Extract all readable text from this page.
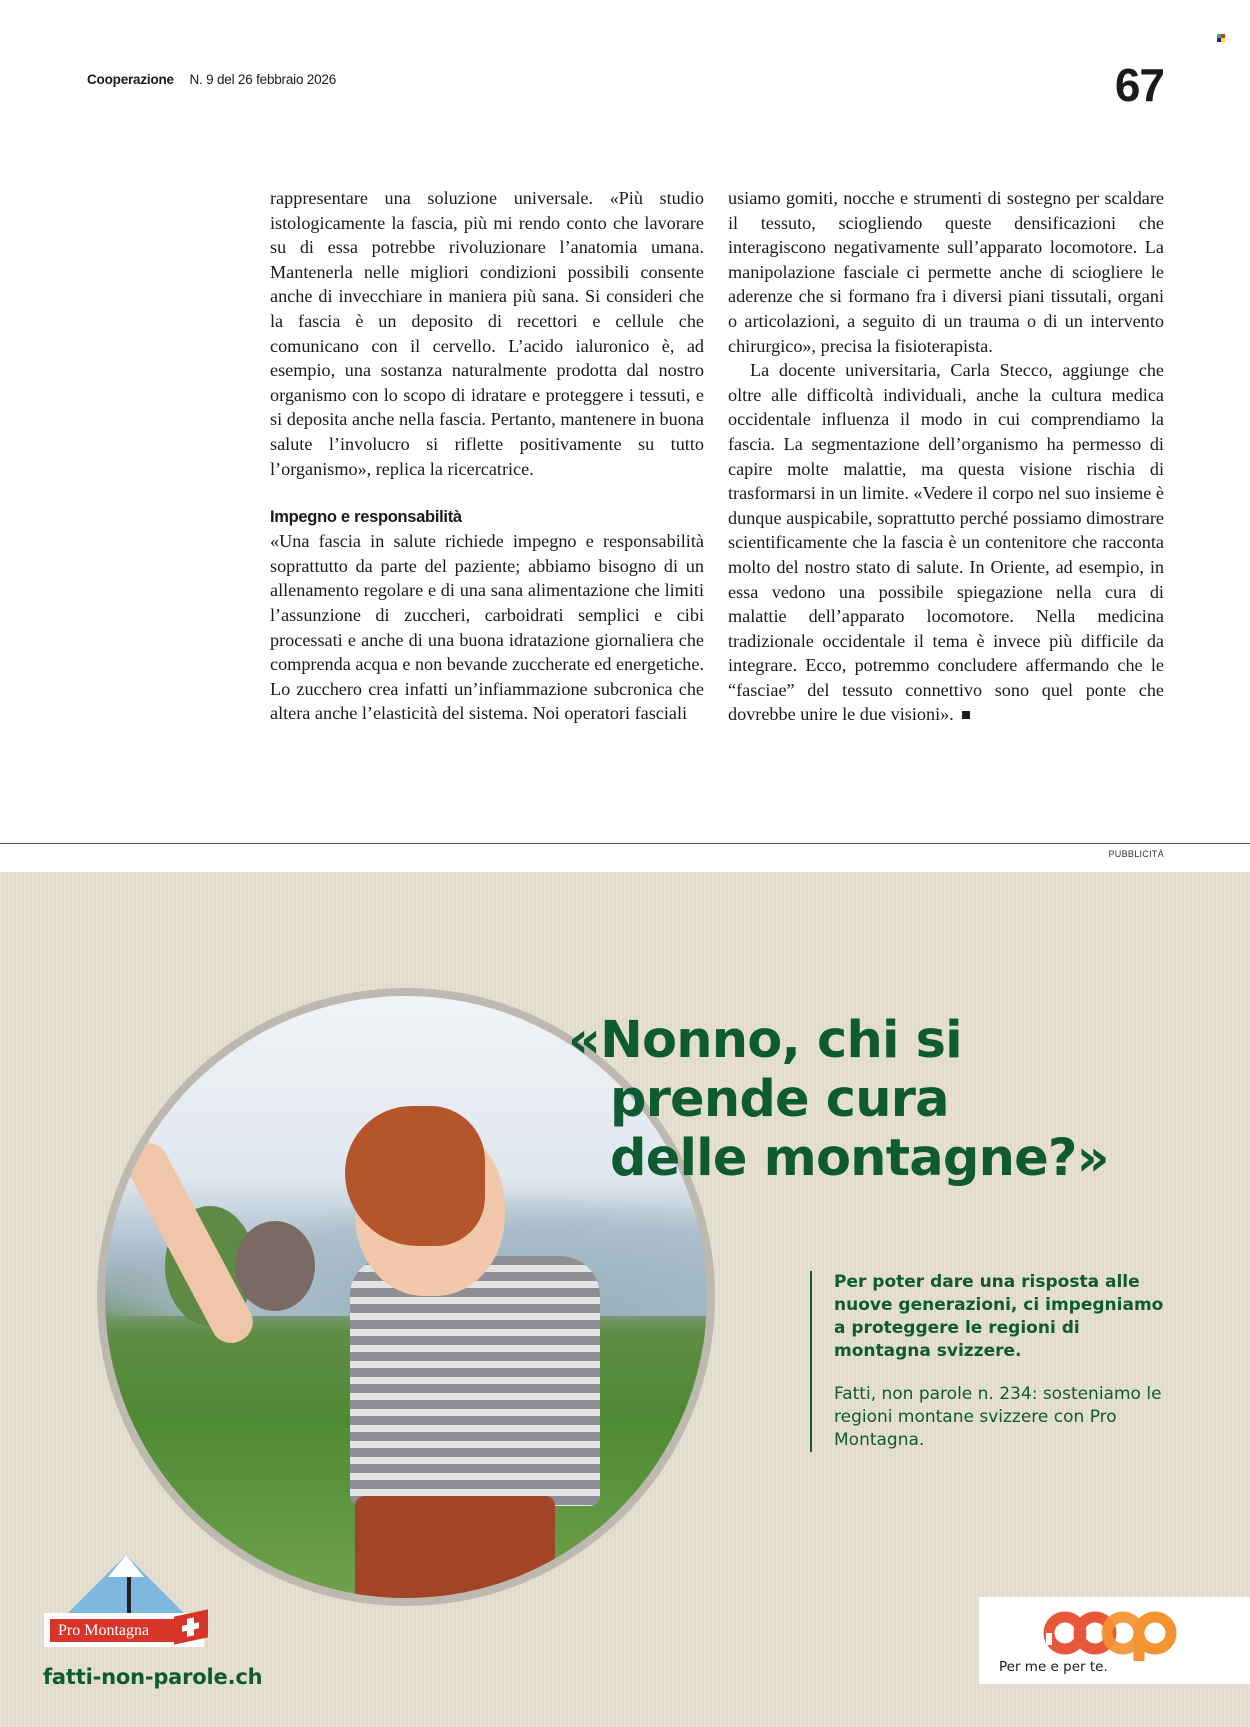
Cooperazione N. 9 del 26 febbraio 2026	67

rappresentare una soluzione universale. «Più studio istologicamente la fascia, più mi rendo conto che lavorare su di essa potrebbe rivoluzionare l’anatomia umana. Mantenerla nelle migliori condizioni possibili consente anche di invecchiare in maniera più sana. Si consideri che la fascia è un deposito di recettori e cellule che comunicano con il cervello. L’acido ialuronico è, ad esempio, una sostanza naturalmente prodotta dal nostro organismo con lo scopo di idratare e proteggere i tessuti, e si deposita anche nella fascia. Pertanto, mantenere in buona salute l’involucro si riflette positivamente su tutto l’organismo», replica la ricercatrice.

Impegno e responsabilità

«Una fascia in salute richiede impegno e responsabilità soprattutto da parte del paziente; abbiamo bisogno di un allenamento regolare e di una sana alimentazione che limiti l’assunzione di zuccheri, carboidrati semplici e cibi processati e anche di una buona idratazione giornaliera che comprenda acqua e non bevande zuccherate ed energetiche. Lo zucchero crea infatti un’infiammazione subcronica che altera anche l’elasticità del sistema. Noi operatori fasciali

usiamo gomiti, nocche e strumenti di sostegno per scaldare il tessuto, sciogliendo queste densificazioni che interagiscono negativamente sull’apparato locomotore. La manipolazione fasciale ci permette anche di sciogliere le aderenze che si formano fra i diversi piani tissutali, organi o articolazioni, a seguito di un trauma o di un intervento chirurgico», precisa la fisioterapista.

La docente universitaria, Carla Stecco, aggiunge che oltre alle difficoltà individuali, anche la cultura medica occidentale influenza il modo in cui comprendiamo la fascia. La segmentazione dell’organismo ha permesso di capire molte malattie, ma questa visione rischia di trasformarsi in un limite. «Vedere il corpo nel suo insieme è dunque auspicabile, soprattutto perché possiamo dimostrare scientificamente che la fascia è un contenitore che racconta molto del nostro stato di salute. In Oriente, ad esempio, in essa vedono una possibile spiegazione nella cura di malattie dell’apparato locomotore. Nella medicina tradizionale occidentale il tema è invece più difficile da integrare. Ecco, potremmo concludere affermando che le “fasciae” del tessuto connettivo sono quel ponte che dovrebbe unire le due visioni».

PUBBLICITÀ
«Nonno, chi si
prende cura
delle montagne?»
Per poter dare una risposta alle nuove generazioni, ci impegniamo a proteggere le regioni di montagna svizzere.
Fatti, non parole n. 234: sosteniamo le regioni montane svizzere con Pro Montagna.
Pro Montagna
fatti-non-parole.ch	Per me e per te.
